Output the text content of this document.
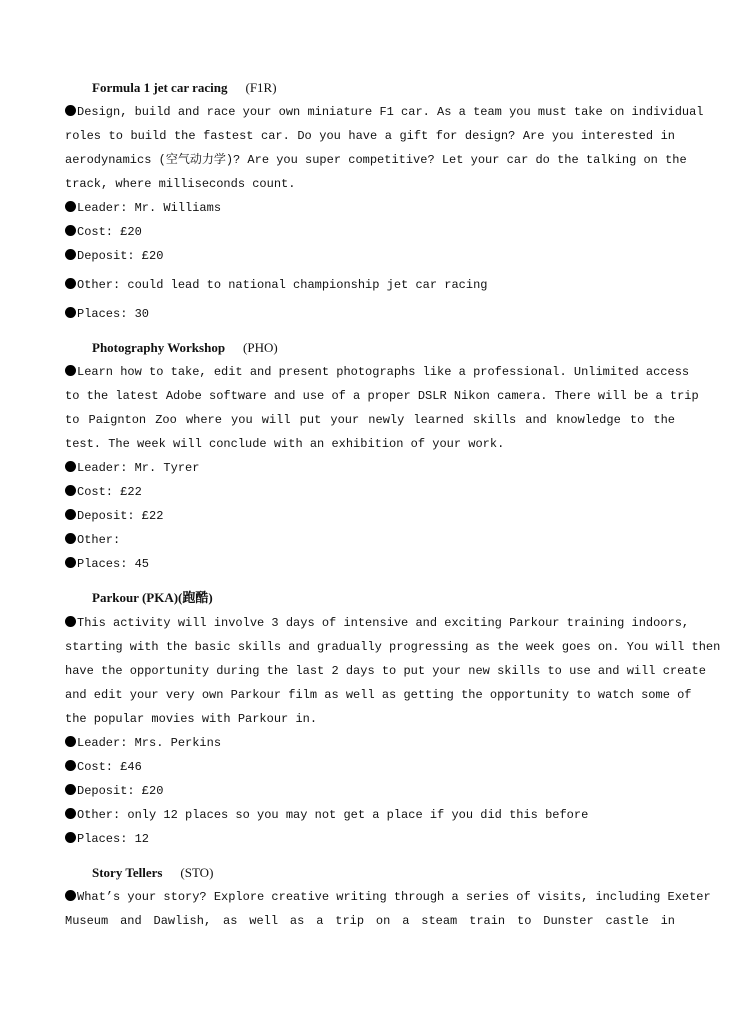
Formula 1 jet car racing (F1R)
Design, build and race your own miniature F1 car. As a team you must take on individual
roles to build the fastest car. Do you have a gift for design? Are you interested in
aerodynamics (空气动力学)? Are you super competitive? Let your car do the talking on the
track, where milliseconds count.
Leader: Mr. Williams
Cost: £20
Deposit: £20
Other: could lead to national championship jet car racing
Places: 30
Photography Workshop (PHO)
Learn how to take, edit and present photographs like a professional. Unlimited access
to the latest Adobe software and use of a proper DSLR Nikon camera. There will be a trip
to Paignton Zoo where you will put your newly learned skills and knowledge to the
test. The week will conclude with an exhibition of your work.
Leader: Mr. Tyrer
Cost: £22
Deposit: £22
Other:
Places: 45
Parkour (PKA)(跑酷)
This activity will involve 3 days of intensive and exciting Parkour training indoors,
starting with the basic skills and gradually progressing as the week goes on. You will then
have the opportunity during the last 2 days to put your new skills to use and will create
and edit your very own Parkour film as well as getting the opportunity to watch some of
the popular movies with Parkour in.
Leader: Mrs. Perkins
Cost: £46
Deposit: £20
Other: only 12 places so you may not get a place if you did this before
Places: 12
Story Tellers (STO)
What’s your story? Explore creative writing through a series of visits, including Exeter
Museum and Dawlish, as well as a trip on a steam train to Dunster castle in
